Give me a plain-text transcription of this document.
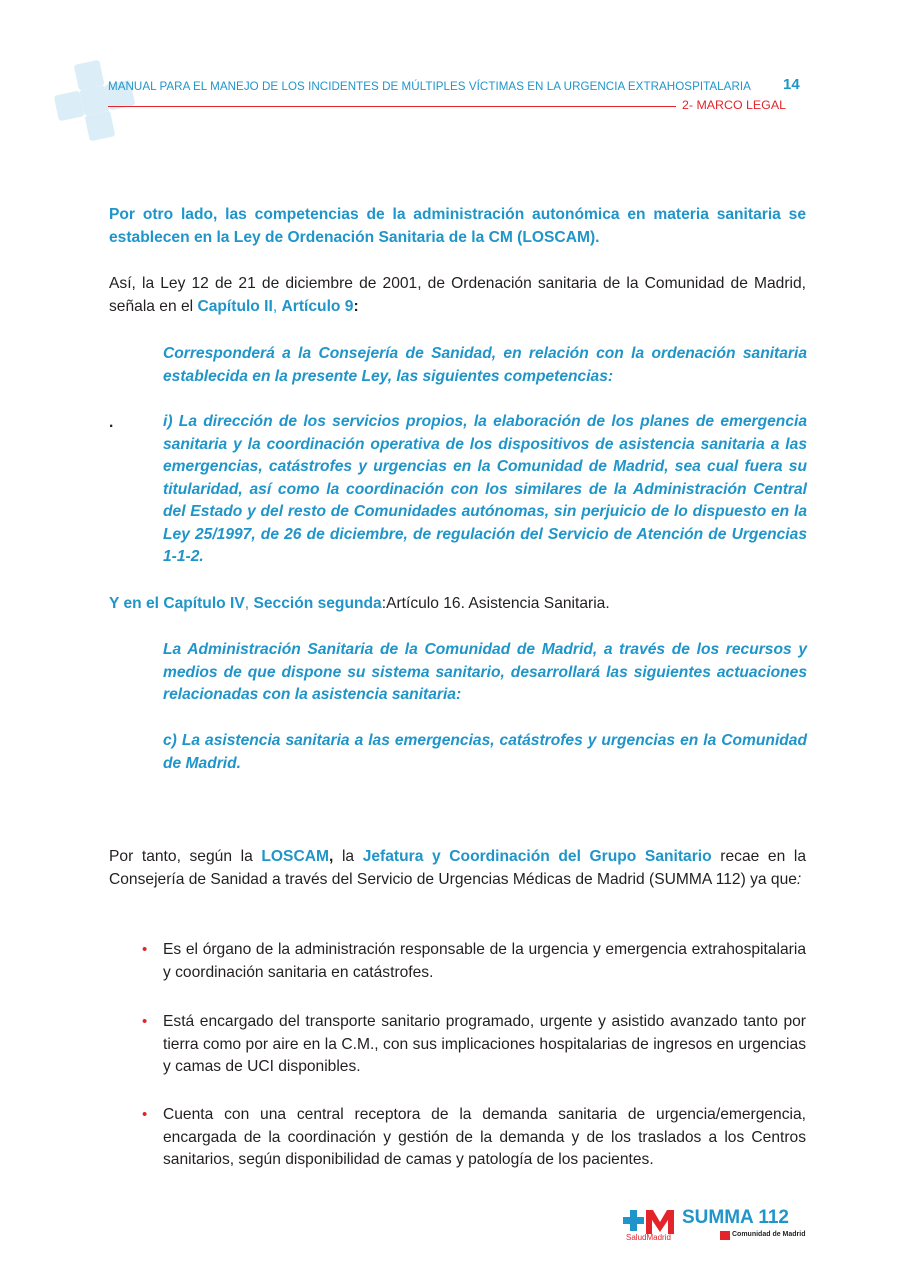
MANUAL PARA EL MANEJO DE LOS INCIDENTES DE MÚLTIPLES VÍCTIMAS EN LA URGENCIA EXTRAHOSPITALARIA 14
2- MARCO LEGAL

Por otro lado, las competencias de la administración autonómica en materia sanitaria se establecen en la Ley de Ordenación Sanitaria de la CM (LOSCAM).

Así, la Ley 12 de 21 de diciembre de 2001, de Ordenación sanitaria de la Comunidad de Madrid, señala en el Capítulo II, Artículo 9:

Corresponderá a la Consejería de Sanidad, en relación con la ordenación sanitaria establecida en la presente Ley, las siguientes competencias:

.	i) La dirección de los servicios propios, la elaboración de los planes de emergencia sanitaria y la coordinación operativa de los dispositivos de asistencia sanitaria a las emergencias, catástrofes y urgencias en la Comunidad de Madrid, sea cual fuera su titularidad, así como la coordinación con los similares de la Administración Central del Estado y del resto de Comunidades autónomas, sin perjuicio de lo dispuesto en la Ley 25/1997, de 26 de diciembre, de regulación del Servicio de Atención de Urgencias 1-1-2.

Y en el Capítulo IV, Sección segunda:Artículo 16. Asistencia Sanitaria.

La Administración Sanitaria de la Comunidad de Madrid, a través de los recursos y medios de que dispone su sistema sanitario, desarrollará las siguientes actuaciones relacionadas con la asistencia sanitaria:

c) La asistencia sanitaria a las emergencias, catástrofes y urgencias en la Comunidad de Madrid.

Por tanto, según la LOSCAM, la Jefatura y Coordinación del Grupo Sanitario recae en la Consejería de Sanidad a través del Servicio de Urgencias Médicas de Madrid (SUMMA 112) ya que:

• Es el órgano de la administración responsable de la urgencia y emergencia extrahospitalaria y coordinación sanitaria en catástrofes.

• Está encargado del transporte sanitario programado, urgente y asistido avanzado tanto por tierra como por aire en la C.M., con sus implicaciones hospitalarias de ingresos en urgencias y camas de UCI disponibles.

• Cuenta con una central receptora de la demanda sanitaria de urgencia/emergencia, encargada de la coordinación y gestión de la demanda y de los traslados a los Centros sanitarios, según disponibilidad de camas y patología de los pacientes.

SaludMadrid
SUMMA 112
Comunidad de Madrid
